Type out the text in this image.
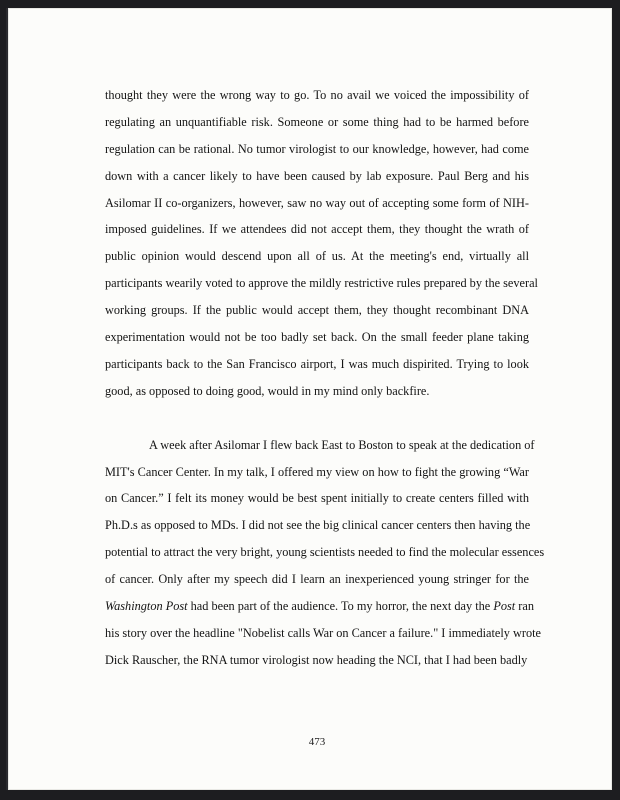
thought they were the wrong way to go. To no avail we voiced the impossibility of
regulating an unquantifiable risk. Someone or some thing had to be harmed before
regulation can be rational. No tumor virologist to our knowledge, however, had come
down with a cancer likely to have been caused by lab exposure. Paul Berg and his
Asilomar II co-organizers, however, saw no way out of accepting some form of NIH-
imposed guidelines. If we attendees did not accept them, they thought the wrath of
public opinion would descend upon all of us. At the meeting's end, virtually all
participants wearily voted to approve the mildly restrictive rules prepared by the several
working groups. If the public would accept them, they thought recombinant DNA
experimentation would not be too badly set back. On the small feeder plane taking
participants back to the San Francisco airport, I was much dispirited. Trying to look
good, as opposed to doing good, would in my mind only backfire.
A week after Asilomar I flew back East to Boston to speak at the dedication of
MIT's Cancer Center. In my talk, I offered my view on how to fight the growing “War
on Cancer.” I felt its money would be best spent initially to create centers filled with
Ph.D.s as opposed to MDs. I did not see the big clinical cancer centers then having the
potential to attract the very bright, young scientists needed to find the molecular essences
of cancer. Only after my speech did I learn an inexperienced young stringer for the
Washington Post had been part of the audience. To my horror, the next day the Post ran
his story over the headline "Nobelist calls War on Cancer a failure." I immediately wrote
Dick Rauscher, the RNA tumor virologist now heading the NCI, that I had been badly
473
